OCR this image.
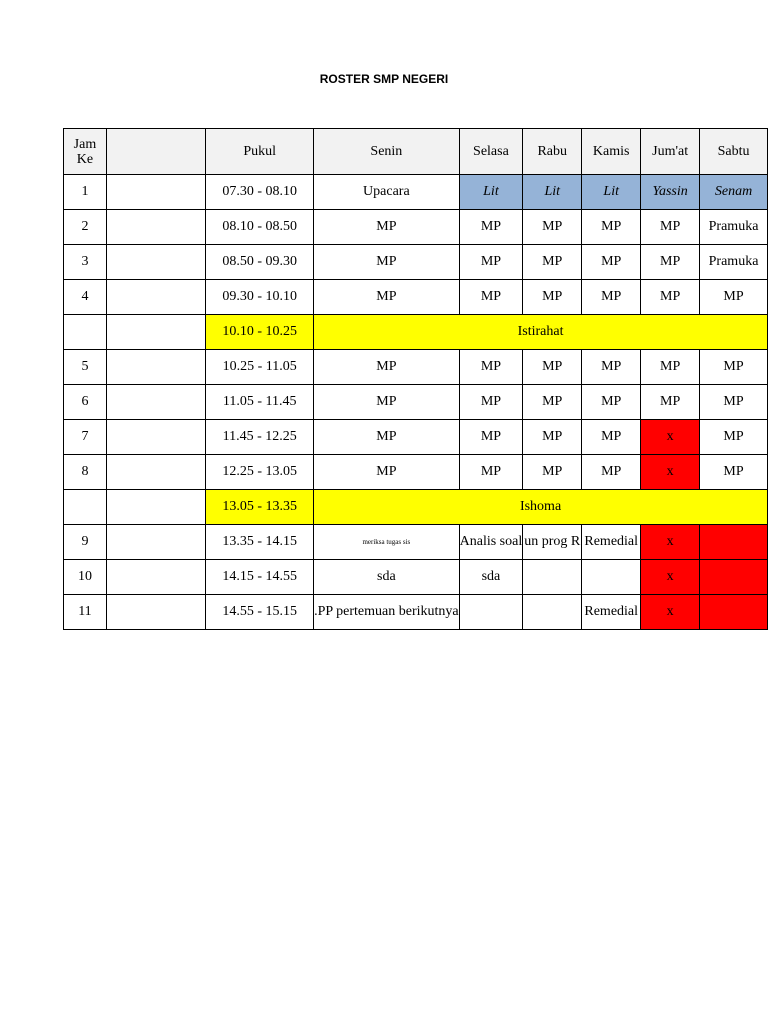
ROSTER SMP NEGERI
Jam
Ke		Pukul	Senin	Selasa	Rabu	Kamis	Jum'at	Sabtu
1		07.30 - 08.10	Upacara	Lit	Lit	Lit	Yassin	Senam
2		08.10 - 08.50	MP	MP	MP	MP	MP	Pramuka
3		08.50 - 09.30	MP	MP	MP	MP	MP	Pramuka
4		09.30 - 10.10	MP	MP	MP	MP	MP	MP
		10.10 - 10.25	Istirahat					
5		10.25 - 11.05	MP	MP	MP	MP	MP	MP
6		11.05 - 11.45	MP	MP	MP	MP	MP	MP
7		11.45 - 12.25	MP	MP	MP	MP	x	MP
8		12.25 - 13.05	MP	MP	MP	MP	x	MP
		13.05 - 13.35	Ishoma					
9		13.35 - 14.15	meriksa tugas sis	Analis soal	un prog R	Remedial	x	
10		14.15 - 14.55	sda	sda			x	
11		14.55 - 15.15	.PP pertemuan berikutnya			Remedial	x	
